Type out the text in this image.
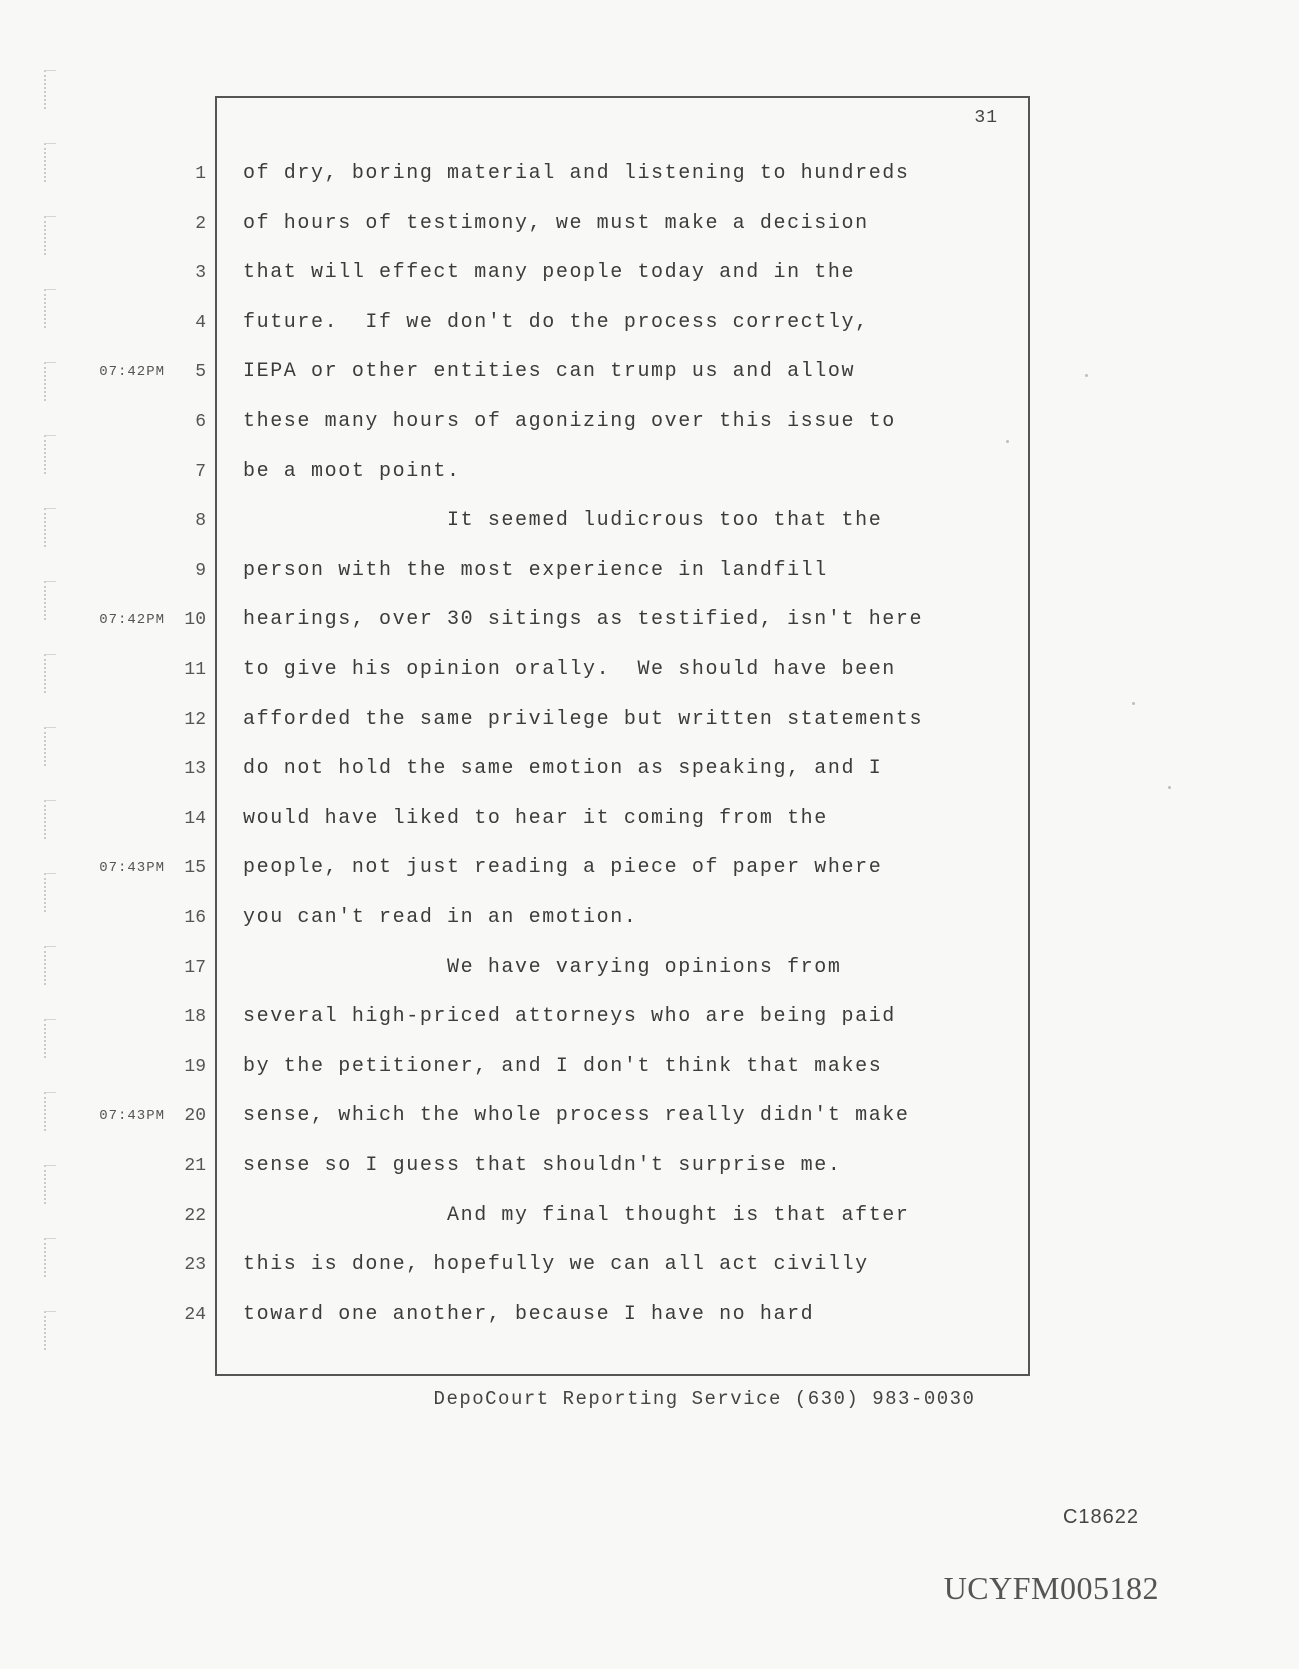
31
1 of dry, boring material and listening to hundreds
2 of hours of testimony, we must make a decision
3 that will effect many people today and in the
4 future.  If we don't do the process correctly,
07:42PM	5 IEPA or other entities can trump us and allow
6 these many hours of agonizing over this issue to
7 be a moot point.
8 It seemed ludicrous too that the
9 person with the most experience in landfill
07:42PM	10 hearings, over 30 sitings as testified, isn't here
11 to give his opinion orally.  We should have been
12 afforded the same privilege but written statements
13 do not hold the same emotion as speaking, and I
14 would have liked to hear it coming from the
07:43PM	15 people, not just reading a piece of paper where
16 you can't read in an emotion.
17 We have varying opinions from
18 several high-priced attorneys who are being paid
19 by the petitioner, and I don't think that makes
07:43PM	20 sense, which the whole process really didn't make
21 sense so I guess that shouldn't surprise me.
22 And my final thought is that after
23 this is done, hopefully we can all act civilly
24 toward one another, because I have no hard
DepoCourt Reporting Service (630) 983-0030
C18622
UCYFM005182
